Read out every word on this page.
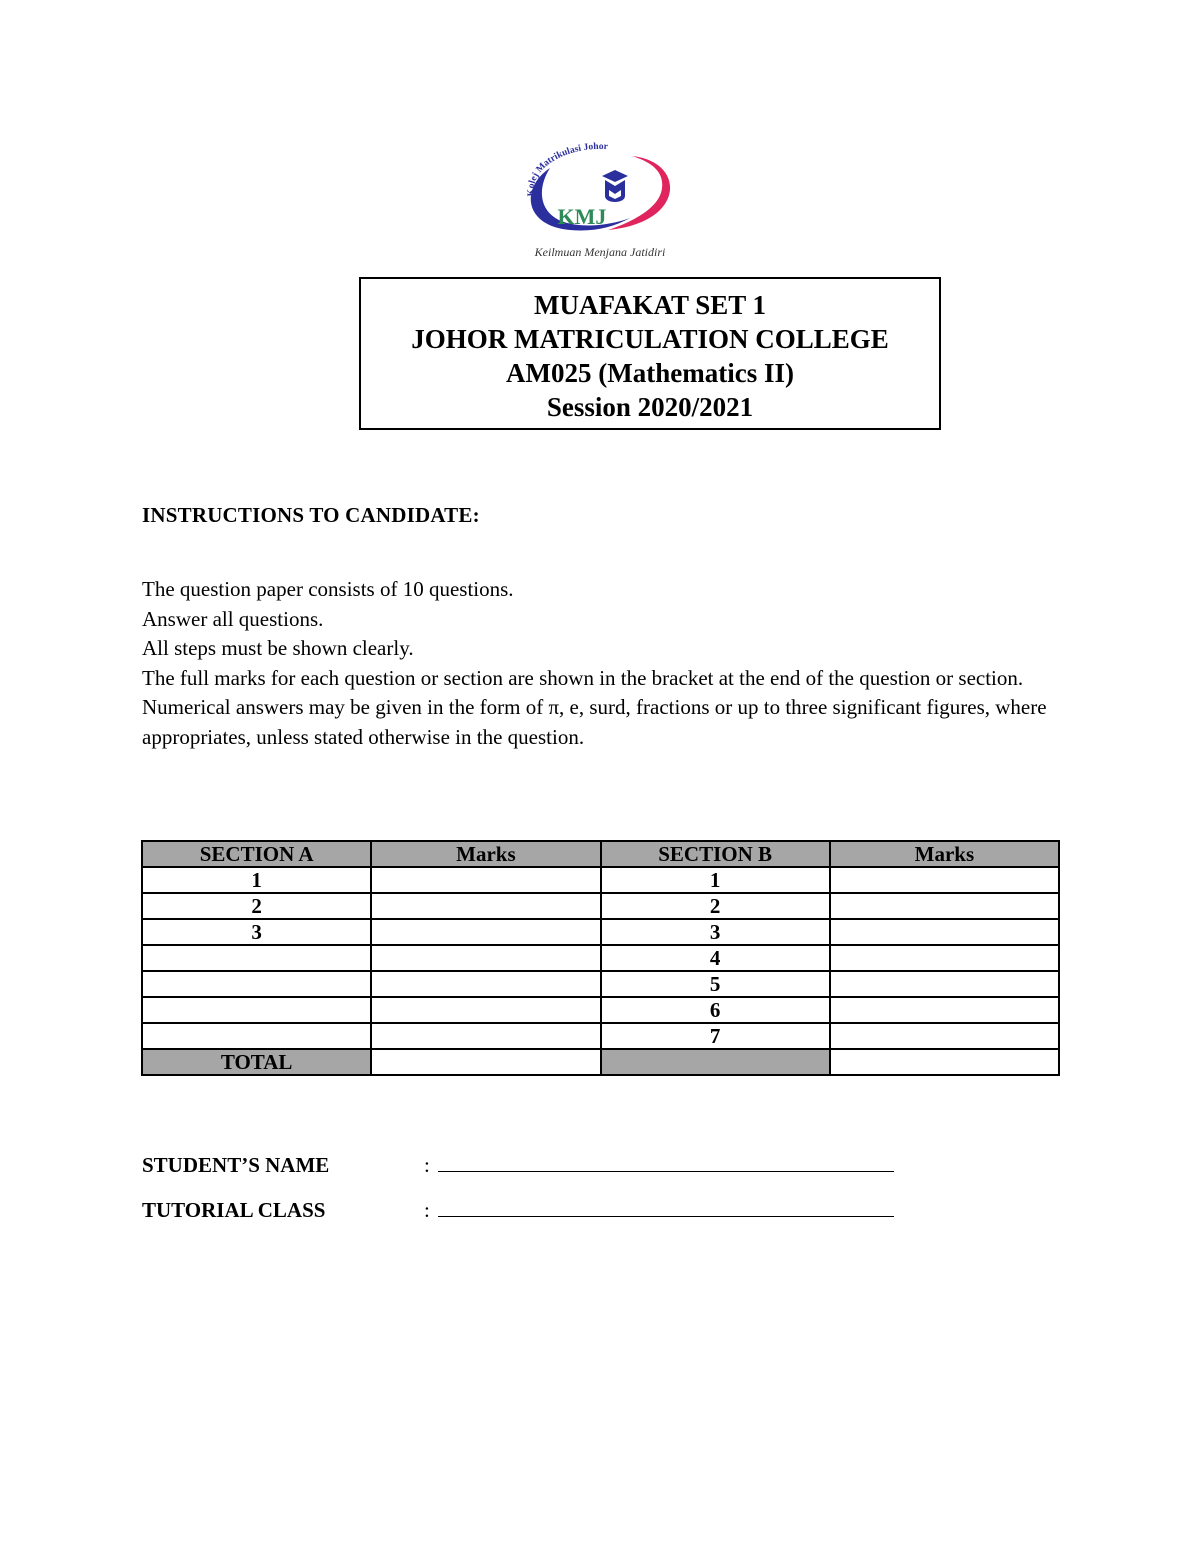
Kolej Matrikulasi Johor
KMJ
Keilmuan Menjana Jatidiri
MUAFAKAT SET 1
JOHOR MATRICULATION COLLEGE
AM025 (Mathematics II)
Session 2020/2021
INSTRUCTIONS TO CANDIDATE:

The question paper consists of 10 questions.

Answer all questions.

All steps must be shown clearly.

The full marks for each question or section are shown in the bracket at the end of the question or section.

Numerical answers may be given in the form of π, e, surd, fractions or up to three significant figures, where appropriates, unless stated otherwise in the question.

SECTION A	Marks	SECTION B	Marks
1		1	
2		2	
3		3	
		4	
		5	
		6	
		7	
TOTAL			
STUDENT’S NAME	:
TUTORIAL CLASS	:
